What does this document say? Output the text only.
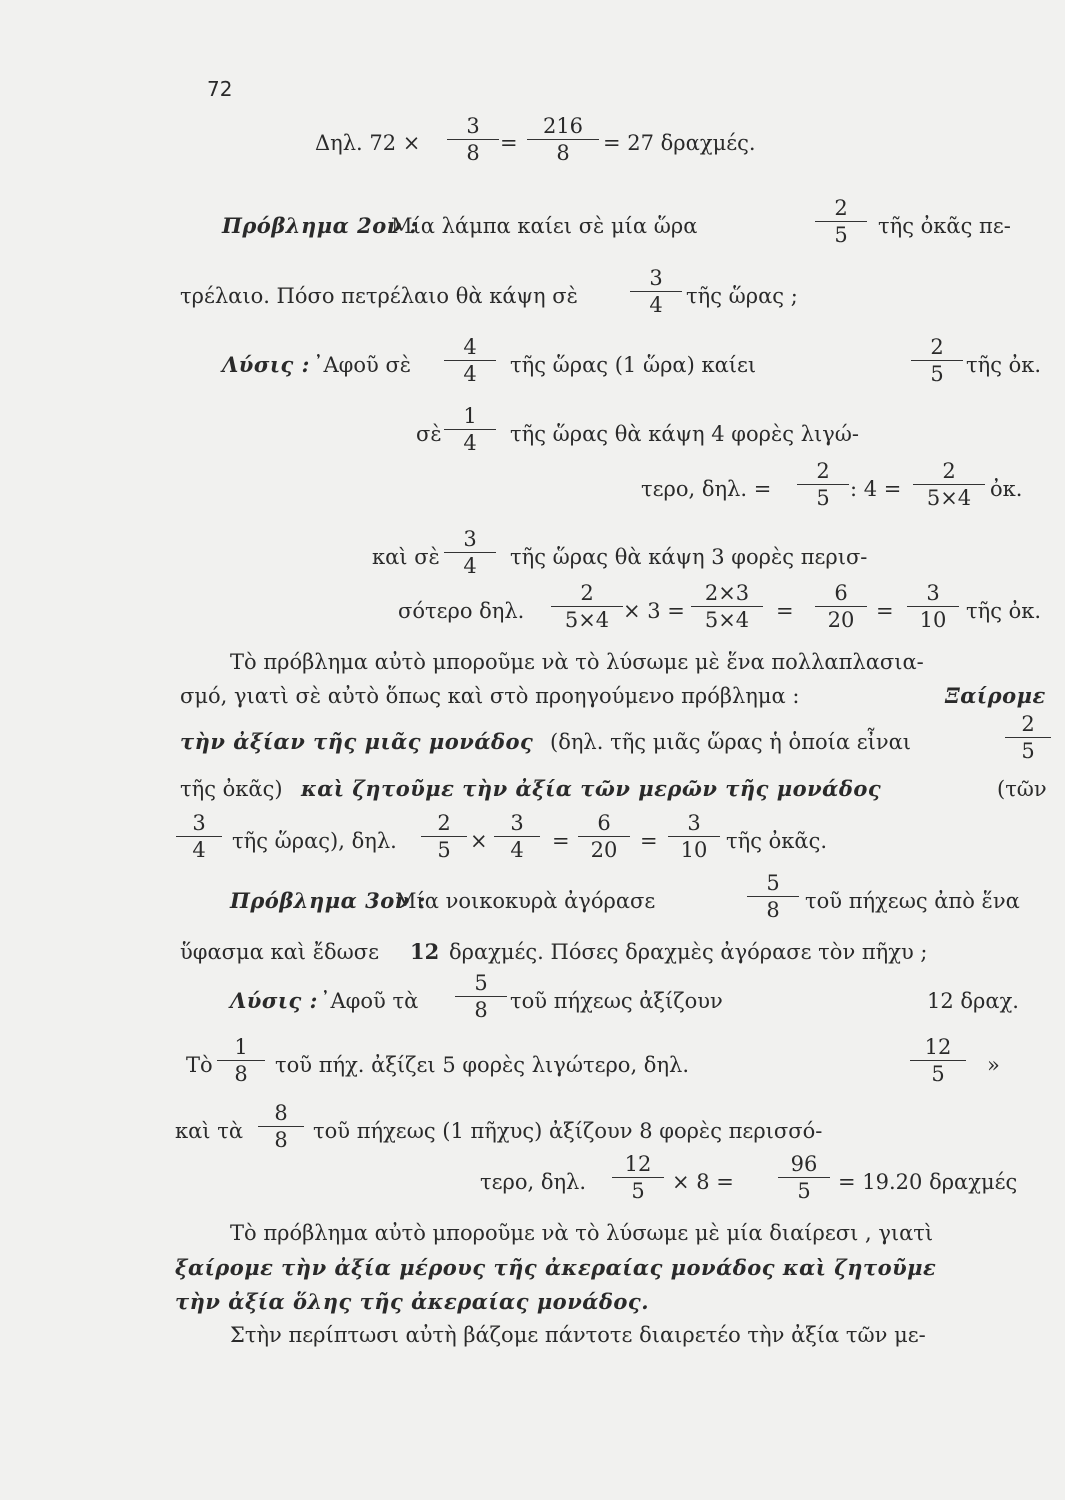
72
Δηλ. $72 \times \frac{3}{8} = \frac{216}{8} = 27$ δραχμές.
Πρόβλημα 2ον :
Μία λάμπα καίει σὲ μία ὥρα	$\frac{2}{5}$ τῆς ὀκᾶς πε-
τρέλαιο. Πόσο πετρέλαιο θὰ κάψη σὲ $\frac{3}{4}$ τῆς ὥρας ;
Λύσις : ᾿Αφοῦ σὲ $\frac{4}{4}$ τῆς ὥρας (1 ὥρα) καίει	$\frac{2}{5}$ τῆς ὀκ.
σὲ $\frac{1}{4}$ τῆς ὥρας θὰ κάψη 4 φορὲς λιγώ-
τερο, δηλ. = $\frac{2}{5}$ : $4 = \frac{2}{5\times 4}$ ὀκ.
καὶ σὲ $\frac{3}{4}$ τῆς ὥρας θὰ κάψη 3 φορὲς περισ-
σότερο δηλ. $\frac{2}{5\times 4} \times 3 = \frac{2\times 3}{5\times 4} = \frac{6}{20} = \frac{3}{10}$ τῆς ὀκ.
Τὸ πρόβλημα αὐτὸ μποροῦμε νὰ τὸ λύσωμε μὲ ἕνα πολλαπλασια-
σμό, γιατὶ σὲ αὐτὸ ὅπως καὶ στὸ προηγούμενο πρόβλημα :	Ξαίρομε
τὴν ἀξίαν τῆς μιᾶς μονάδος (δηλ. τῆς μιᾶς ὥρας ἡ ὁποία εἶναι	$\frac{2}{5}$
τῆς ὀκᾶς) καὶ ζητοῦμε τὴν ἀξία τῶν μερῶν τῆς μονάδος	(τῶν
$\frac{3}{4}$ τῆς ὥρας), δηλ. $\frac{2}{5} \times \frac{3}{4} = \frac{6}{20} = \frac{3}{10}$ τῆς ὀκᾶς.
Πρόβλημα 3ον :
Μία νοικοκυρὰ ἀγόρασε	$\frac{5}{8}$ τοῦ πήχεως ἀπὸ ἕνα
ὕφασμα καὶ ἔδωσε 12 δραχμές. Πόσες δραχμὲς ἀγόρασε τὸν πῆχυ ;
Λύσις : ᾿Αφοῦ τὰ $\frac{5}{8}$ τοῦ πήχεως ἀξίζουν	12 δραχ.
Τὸ $\frac{1}{8}$ τοῦ πήχ. ἀξίζει 5 φορὲς λιγώτερο, δηλ.	$\frac{12}{5}$ »
καὶ τὰ $\frac{8}{8}$ τοῦ πήχεως (1 πῆχυς) ἀξίζουν 8 φορὲς περισσό-
τερο, δηλ. $\frac{12}{5} \times 8 = \frac{96}{5} = 19.20$ δραχμές
Τὸ πρόβλημα αὐτὸ μποροῦμε νὰ τὸ λύσωμε μὲ μία διαίρεσι , γιατὶ
ξαίρομε τὴν ἀξία μέρους τῆς ἀκεραίας μονάδος καὶ ζητοῦμε
τὴν ἀξία ὅλης τῆς ἀκεραίας μονάδος.
Στὴν περίπτωσι αὐτὴ βάζομε πάντοτε διαιρετέο τὴν ἀξία τῶν με-
